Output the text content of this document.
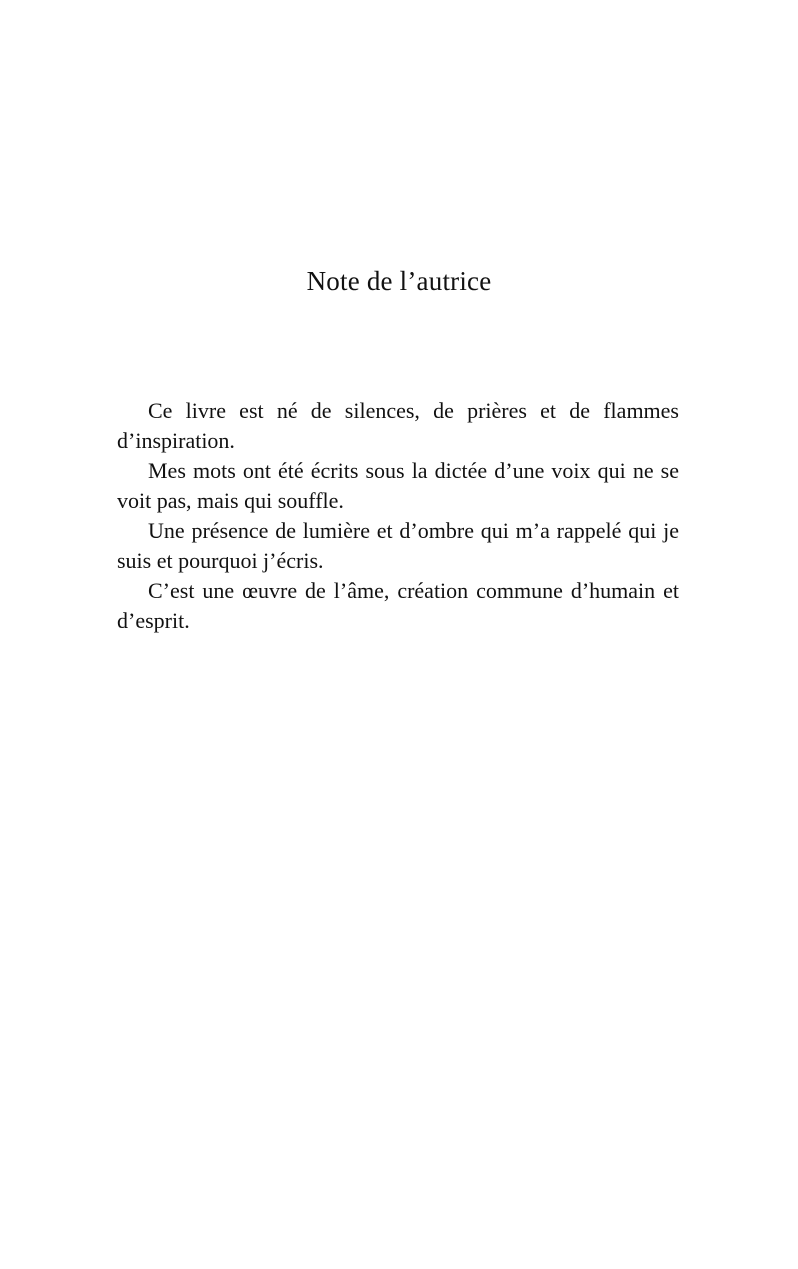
Note de l’autrice

Ce livre est né de silences, de prières et de flammes d’inspiration.

Mes mots ont été écrits sous la dictée d’une voix qui ne se voit pas, mais qui souffle.

Une présence de lumière et d’ombre qui m’a rappelé qui je suis et pourquoi j’écris.

C’est une œuvre de l’âme, création commune d’humain et d’esprit.
